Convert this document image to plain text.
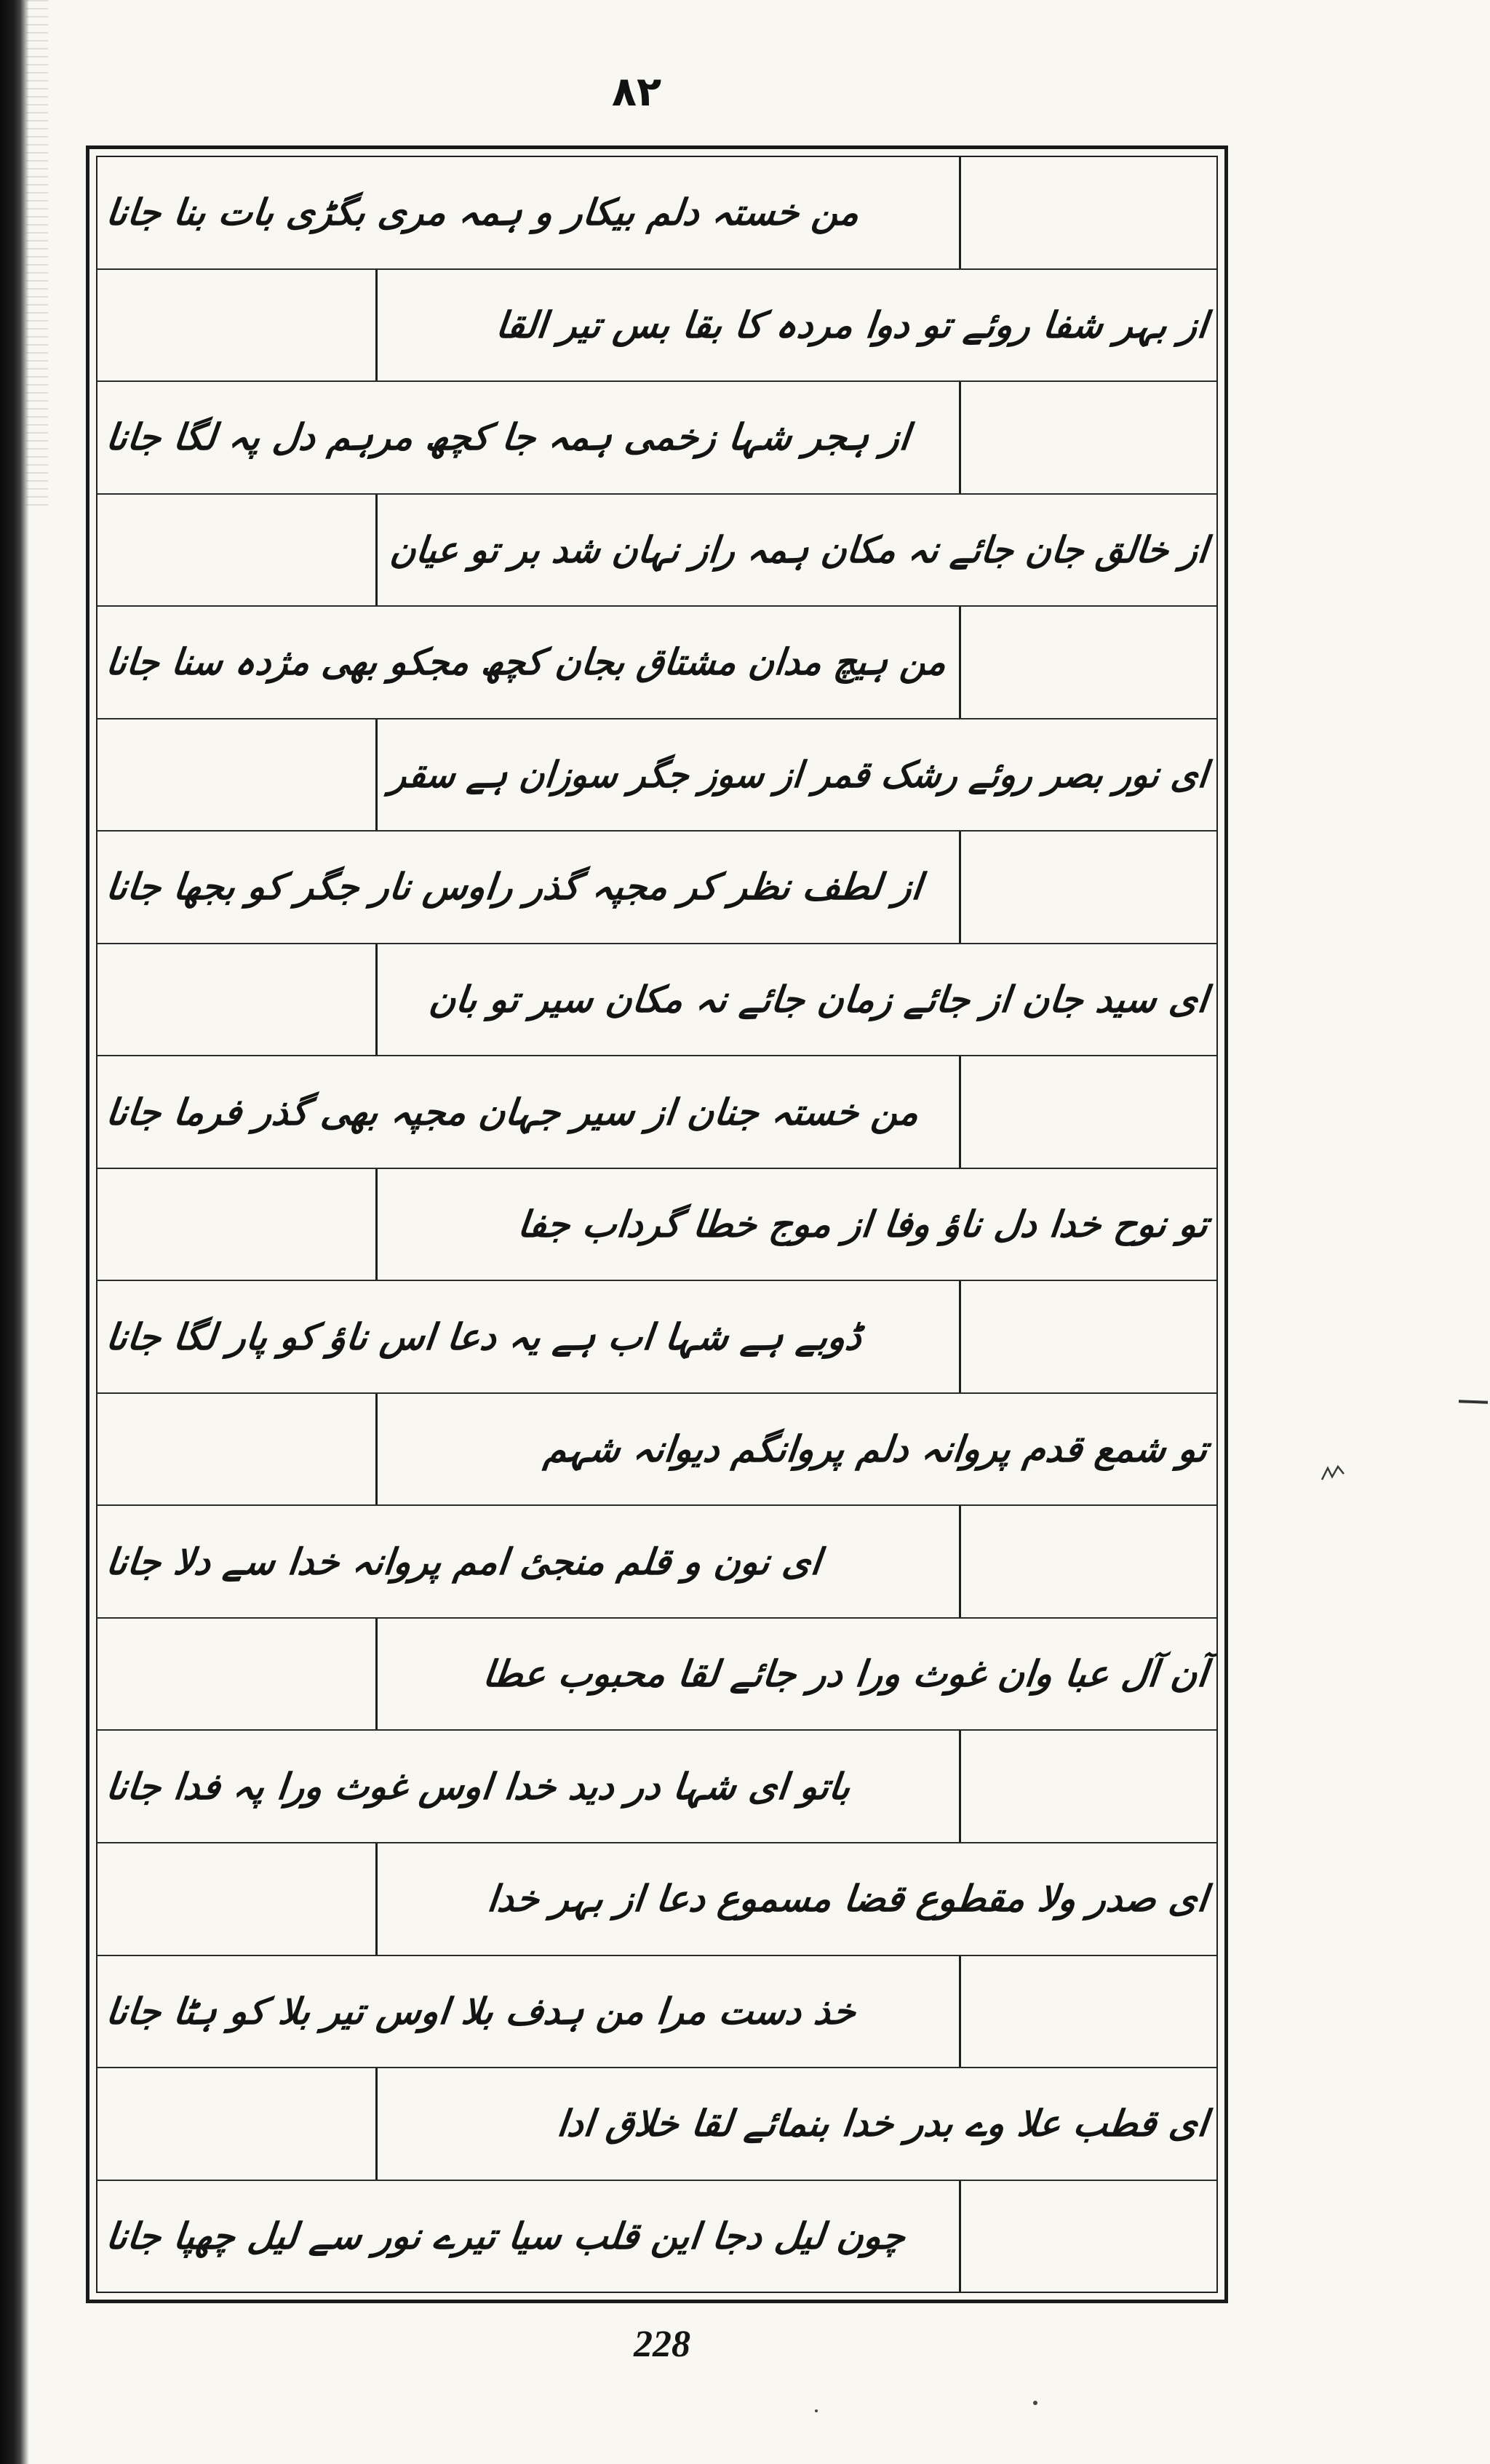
۸۲
من خستہ دلم بیکار و ہمہ مری بگڑی بات بنا جانا
از بہر شفا روئے تو دوا مردہ کا بقا بس تیر القا
از ہجر شہا زخمی ہمہ جا کچھ مرہم دل پہ لگا جانا
از خالق جان جائے نہ مکان ہمہ راز نہان شد بر تو عیان
من ہیچ مدان مشتاق بجان کچھ مجکو بھی مژدہ سنا جانا
ای نور بصر روئے رشک قمر از سوز جگر سوزان ہے سقر
از لطف نظر کر مجپہ گذر راوس نار جگر کو بجھا جانا
ای سید جان از جائے زمان جائے نہ مکان سیر تو بان
من خستہ جنان از سیر جہان مجپہ بھی گذر فرما جانا
تو نوح خدا دل ناؤ وفا از موج خطا گرداب جفا
ڈوبے ہے شہا اب ہے یہ دعا اس ناؤ کو پار لگا جانا
تو شمع قدم پروانہ دلم پروانگم دیوانہ شہم
ای نون و قلم منجیٔ امم پروانہ خدا سے دلا جانا
آن آل عبا وان غوث ورا در جائے لقا محبوب عطا
باتو ای شہا در دید خدا اوس غوث ورا پہ فدا جانا
ای صدر ولا مقطوع قضا مسموع دعا از بہر خدا
خذ دست مرا من ہدف بلا اوس تیر بلا کو ہٹا جانا
ای قطب علا وے بدر خدا بنمائے لقا خلاق ادا
چون لیل دجا این قلب سیا تیرے نور سے لیل چھپا جانا
228
